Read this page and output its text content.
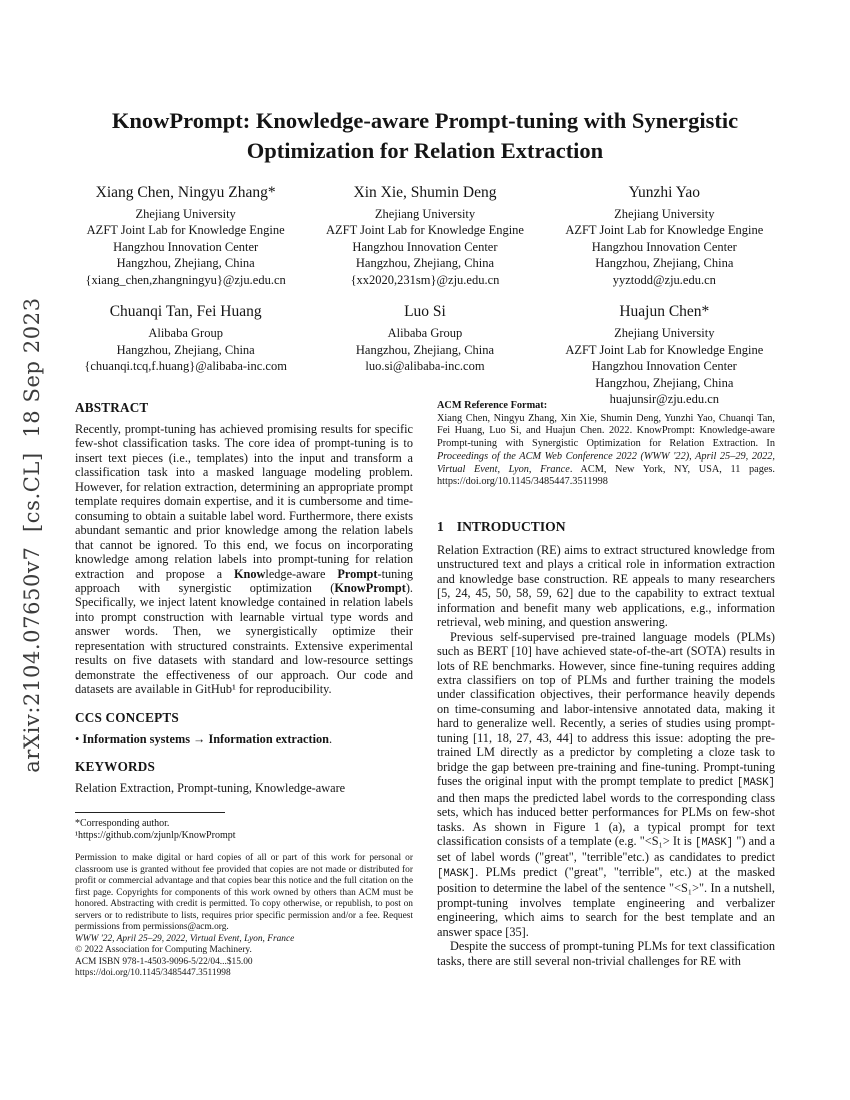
arXiv:2104.07650v7  [cs.CL]  18 Sep 2023
KnowPrompt: Knowledge-aware Prompt-tuning with Synergistic Optimization for Relation Extraction
Xiang Chen, Ningyu Zhang*
Zhejiang University
AZFT Joint Lab for Knowledge Engine
Hangzhou Innovation Center
Hangzhou, Zhejiang, China
{xiang_chen,zhangningyu}@zju.edu.cn
Xin Xie, Shumin Deng
Zhejiang University
AZFT Joint Lab for Knowledge Engine
Hangzhou Innovation Center
Hangzhou, Zhejiang, China
{xx2020,231sm}@zju.edu.cn
Yunzhi Yao
Zhejiang University
AZFT Joint Lab for Knowledge Engine
Hangzhou Innovation Center
Hangzhou, Zhejiang, China
yyztodd@zju.edu.cn
Chuanqi Tan, Fei Huang
Alibaba Group
Hangzhou, Zhejiang, China
{chuanqi.tcq,f.huang}@alibaba-inc.com
Luo Si
Alibaba Group
Hangzhou, Zhejiang, China
luo.si@alibaba-inc.com
Huajun Chen*
Zhejiang University
AZFT Joint Lab for Knowledge Engine
Hangzhou Innovation Center
Hangzhou, Zhejiang, China
huajunsir@zju.edu.cn
ABSTRACT

Recently, prompt-tuning has achieved promising results for specific few-shot classification tasks. The core idea of prompt-tuning is to insert text pieces (i.e., templates) into the input and transform a classification task into a masked language modeling problem. However, for relation extraction, determining an appropriate prompt template requires domain expertise, and it is cumbersome and time-consuming to obtain a suitable label word. Furthermore, there exists abundant semantic and prior knowledge among the relation labels that cannot be ignored. To this end, we focus on incorporating knowledge among relation labels into prompt-tuning for relation extraction and propose a Knowledge-aware Prompt-tuning approach with synergistic optimization (KnowPrompt). Specifically, we inject latent knowledge contained in relation labels into prompt construction with learnable virtual type words and answer words. Then, we synergistically optimize their representation with structured constraints. Extensive experimental results on five datasets with standard and low-resource settings demonstrate the effectiveness of our approach. Our code and datasets are available in GitHub¹ for reproducibility.

CCS CONCEPTS

• Information systems → Information extraction.

KEYWORDS

Relation Extraction, Prompt-tuning, Knowledge-aware

*Corresponding author.

¹https://github.com/zjunlp/KnowPrompt

Permission to make digital or hard copies of all or part of this work for personal or classroom use is granted without fee provided that copies are not made or distributed for profit or commercial advantage and that copies bear this notice and the full citation on the first page. Copyrights for components of this work owned by others than ACM must be honored. Abstracting with credit is permitted. To copy otherwise, or republish, to post on servers or to redistribute to lists, requires prior specific permission and/or a fee. Request permissions from permissions@acm.org.

WWW '22, April 25–29, 2022, Virtual Event, Lyon, France

© 2022 Association for Computing Machinery.

ACM ISBN 978-1-4503-9096-5/22/04...$15.00

https://doi.org/10.1145/3485447.3511998

ACM Reference Format:
Xiang Chen, Ningyu Zhang, Xin Xie, Shumin Deng, Yunzhi Yao, Chuanqi Tan, Fei Huang, Luo Si, and Huajun Chen. 2022. KnowPrompt: Knowledge-aware Prompt-tuning with Synergistic Optimization for Relation Extraction. In Proceedings of the ACM Web Conference 2022 (WWW '22), April 25–29, 2022, Virtual Event, Lyon, France. ACM, New York, NY, USA, 11 pages. https://doi.org/10.1145/3485447.3511998
1 INTRODUCTION

Relation Extraction (RE) aims to extract structured knowledge from unstructured text and plays a critical role in information extraction and knowledge base construction. RE appeals to many researchers [5, 24, 45, 50, 58, 59, 62] due to the capability to extract textual information and benefit many web applications, e.g., information retrieval, web mining, and question answering.

Previous self-supervised pre-trained language models (PLMs) such as BERT [10] have achieved state-of-the-art (SOTA) results in lots of RE benchmarks. However, since fine-tuning requires adding extra classifiers on top of PLMs and further training the models under classification objectives, their performance heavily depends on time-consuming and labor-intensive annotated data, making it hard to generalize well. Recently, a series of studies using prompt-tuning [11, 18, 27, 43, 44] to address this issue: adopting the pre-trained LM directly as a predictor by completing a cloze task to bridge the gap between pre-training and fine-tuning. Prompt-tuning fuses the original input with the prompt template to predict [MASK] and then maps the predicted label words to the corresponding class sets, which has induced better performances for PLMs on few-shot tasks. As shown in Figure 1 (a), a typical prompt for text classification consists of a template (e.g. "<S₁> It is [MASK] ") and a set of label words ("great", "terrible"etc.) as candidates to predict [MASK]. PLMs predict ("great", "terrible", etc.) at the masked position to determine the label of the sentence "<S₁>". In a nutshell, prompt-tuning involves template engineering and verbalizer engineering, which aims to search for the best template and an answer space [35].

Despite the success of prompt-tuning PLMs for text classification tasks, there are still several non-trivial challenges for RE with
